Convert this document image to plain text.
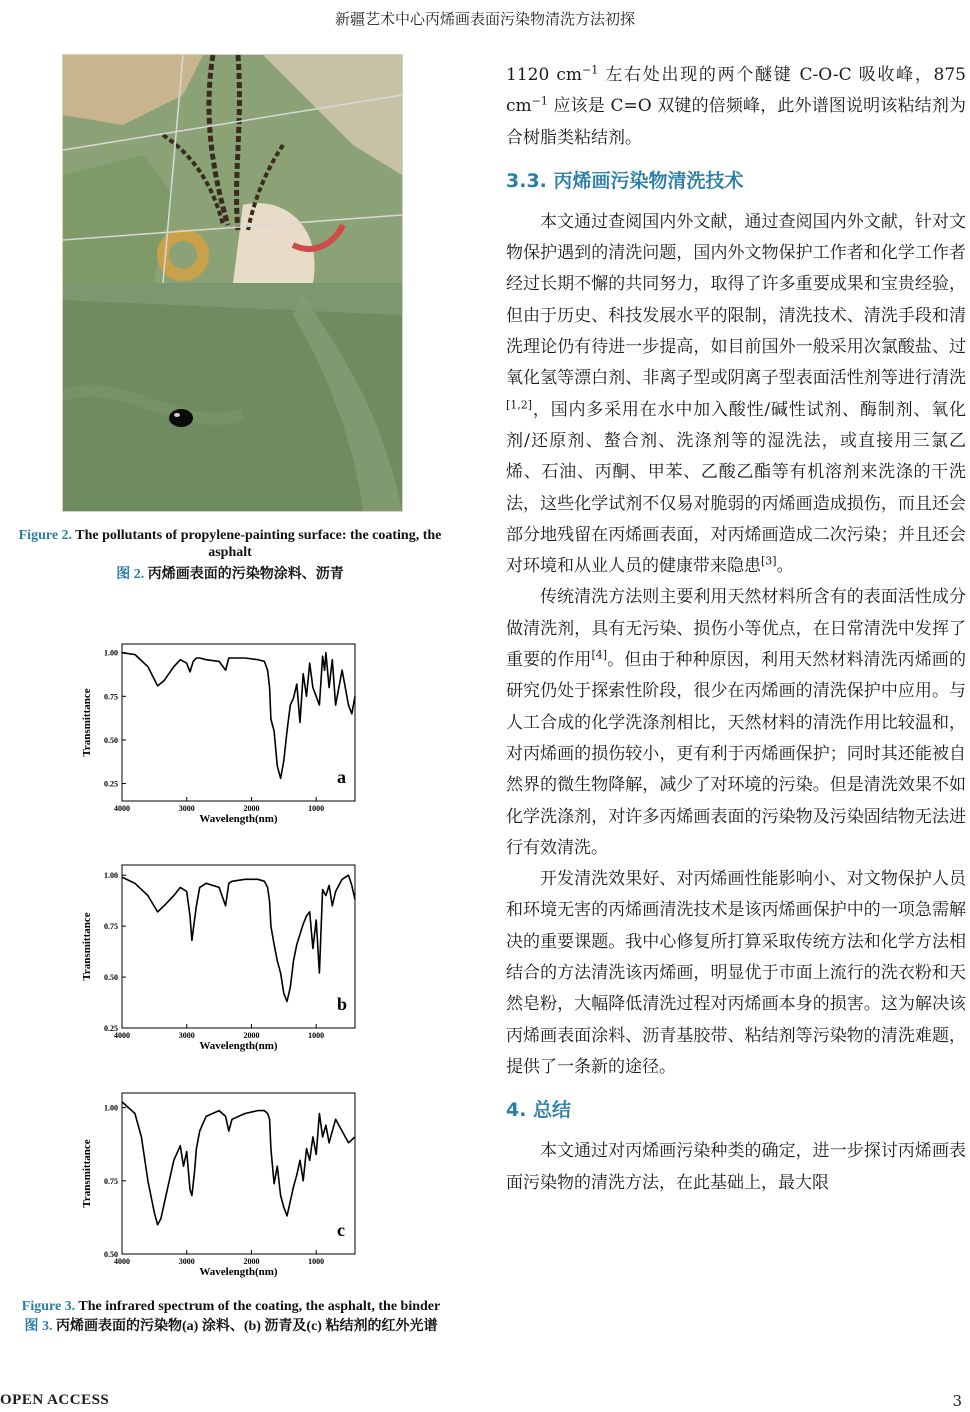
新疆艺术中心丙烯画表面污染物清洗方法初探
Figure 2. The pollutants of propylene-painting surface: the coating, the asphalt
图 2. 丙烯画表面的污染物涂料、沥青
1.00
0.75
0.50
0.25
4000	3000	2000	1000
Wavelength(nm)
Transmittance
a
1.00
0.75
0.50
0.25
4000	3000	2000	1000
Wavelength(nm)
Transmittance
b
1.00
0.75
0.50
4000	3000	2000	1000
Wavelength(nm)
Transmittance
c
Figure 3. The infrared spectrum of the coating, the asphalt, the binder
图 3. 丙烯画表面的污染物(a) 涂料、(b) 沥青及(c) 粘结剂的红外光谱

1120 $cm^{-1}$ 左右处出现的两个醚键 C-O-C 吸收峰，875 $cm^{-1}$ 应该是 C=O 双键的倍频峰，此外谱图说明该粘结剂为合树脂类粘结剂。

3.3. 丙烯画污染物清洗技术

本文通过查阅国内外文献，通过查阅国内外文献，针对文物保护遇到的清洗问题，国内外文物保护工作者和化学工作者经过长期不懈的共同努力，取得了许多重要成果和宝贵经验，但由于历史、科技发展水平的限制，清洗技术、清洗手段和清洗理论仍有待进一步提高，如目前国外一般采用次氯酸盐、过氧化氢等漂白剂、非离子型或阴离子型表面活性剂等进行清洗[1,2]，国内多采用在水中加入酸性/碱性试剂、酶制剂、氧化剂/还原剂、螯合剂、洗涤剂等的湿洗法，或直接用三氯乙烯、石油、丙酮、甲苯、乙酸乙酯等有机溶剂来洗涤的干洗法，这些化学试剂不仅易对脆弱的丙烯画造成损伤，而且还会部分地残留在丙烯画表面，对丙烯画造成二次污染；并且还会对环境和从业人员的健康带来隐患[3]。

传统清洗方法则主要利用天然材料所含有的表面活性成分做清洗剂，具有无污染、损伤小等优点，在日常清洗中发挥了重要的作用[4]。但由于种种原因，利用天然材料清洗丙烯画的研究仍处于探索性阶段，很少在丙烯画的清洗保护中应用。与人工合成的化学洗涤剂相比，天然材料的清洗作用比较温和，对丙烯画的损伤较小，更有利于丙烯画保护；同时其还能被自然界的微生物降解，减少了对环境的污染。但是清洗效果不如化学洗涤剂，对许多丙烯画表面的污染物及污染固结物无法进行有效清洗。

开发清洗效果好、对丙烯画性能影响小、对文物保护人员和环境无害的丙烯画清洗技术是该丙烯画保护中的一项急需解决的重要课题。我中心修复所打算采取传统方法和化学方法相结合的方法清洗该丙烯画，明显优于市面上流行的洗衣粉和天然皂粉，大幅降低清洗过程对丙烯画本身的损害。这为解决该丙烯画表面涂料、沥青基胶带、粘结剂等污染物的清洗难题，提供了一条新的途径。

4. 总结

本文通过对丙烯画污染种类的确定，进一步探讨丙烯画表面污染物的清洗方法，在此基础上，最大限

OPEN ACCESS	3
